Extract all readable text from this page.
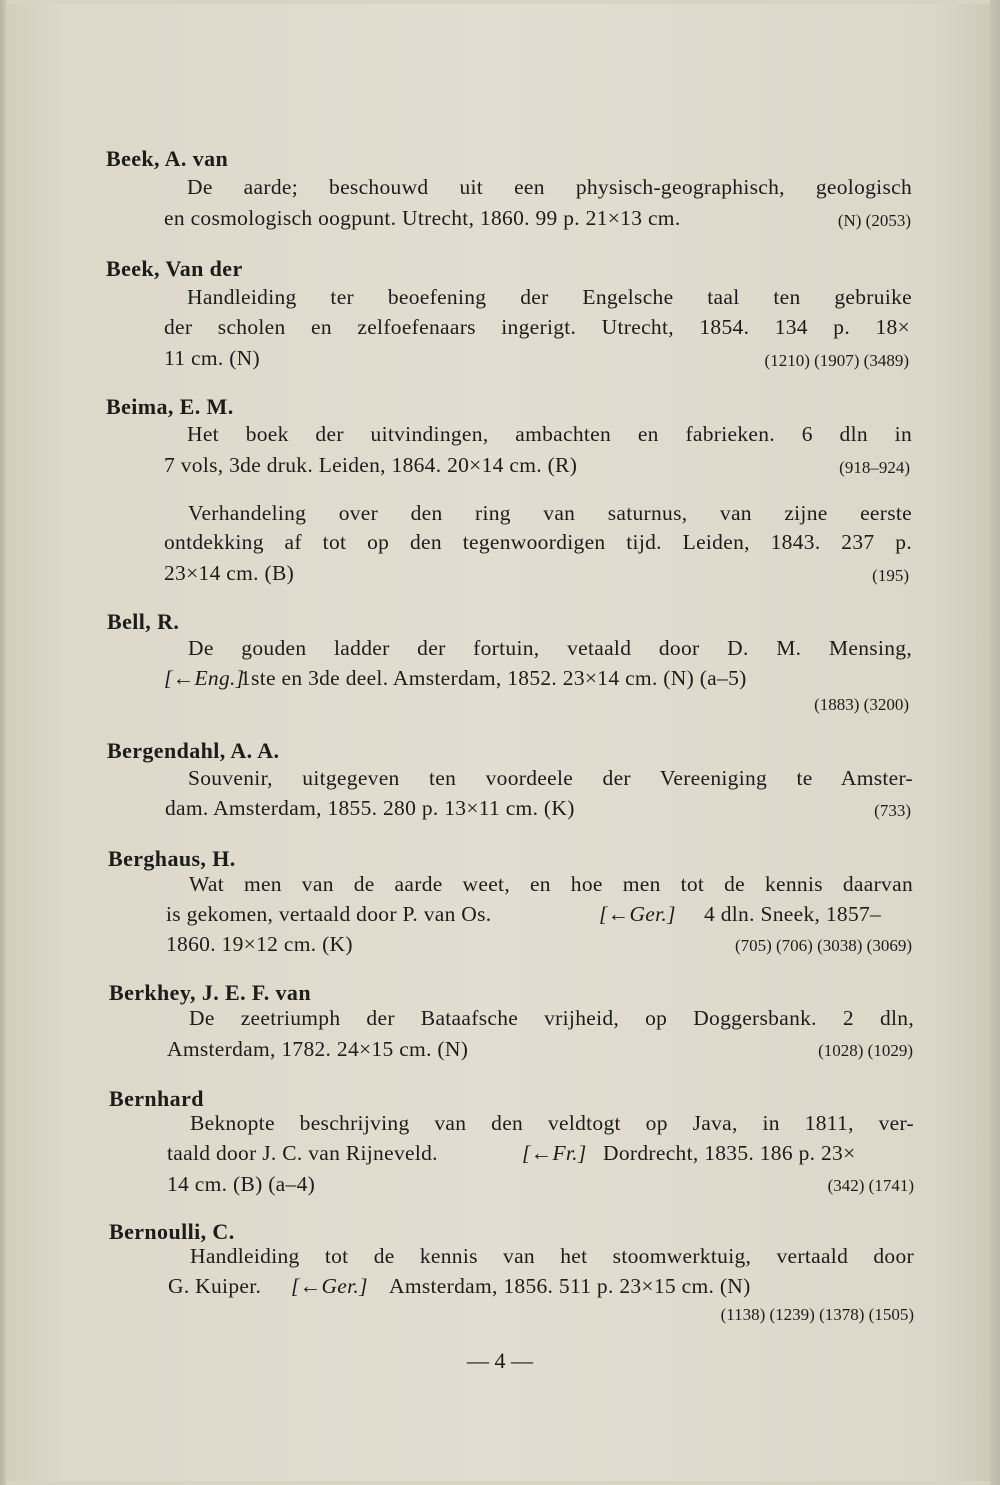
Beek, A. van
De aarde; beschouwd uit een physisch-geographisch, geologisch
en cosmologisch oogpunt. Utrecht, 1860. 99 p. 21×13 cm.	(N) (2053)
Beek, Van der
Handleiding ter beoefening der Engelsche taal ten gebruike
der scholen en zelfoefenaars ingerigt. Utrecht, 1854. 134 p. 18×
11 cm. (N)	(1210) (1907) (3489)
Beima, E. M.
Het boek der uitvindingen, ambachten en fabrieken. 6 dln in
7 vols, 3de druk. Leiden, 1864. 20×14 cm. (R)	(918–924)
Verhandeling over den ring van saturnus, van zijne eerste
ontdekking af tot op den tegenwoordigen tijd. Leiden, 1843. 237 p.
23×14 cm. (B)	(195)
Bell, R.
De gouden ladder der fortuin, vetaald door D. M. Mensing,
[←Eng.]
1ste en 3de deel. Amsterdam, 1852. 23×14 cm. (N) (a–5)
(1883) (3200)
Bergendahl, A. A.
Souvenir, uitgegeven ten voordeele der Vereeniging te Amster-
dam. Amsterdam, 1855. 280 p. 13×11 cm. (K)	(733)
Berghaus, H.
Wat men van de aarde weet, en hoe men tot de kennis daarvan
is gekomen, vertaald door P. van Os.	[←Ger.] 4 dln. Sneek, 1857–
1860. 19×12 cm. (K)	(705) (706) (3038) (3069)
Berkhey, J. E. F. van
De zeetriumph der Bataafsche vrijheid, op Doggersbank. 2 dln,
Amsterdam, 1782. 24×15 cm. (N)	(1028) (1029)
Bernhard
Beknopte beschrijving van den veldtogt op Java, in 1811, ver-
taald door J. C. van Rijneveld.	[←Fr.] Dordrecht, 1835. 186 p. 23×
14 cm. (B) (a–4)	(342) (1741)
Bernoulli, C.
Handleiding tot de kennis van het stoomwerktuig, vertaald door
G. Kuiper. [←Ger.] Amsterdam, 1856. 511 p. 23×15 cm. (N)
(1138) (1239) (1378) (1505)
— 4 —
